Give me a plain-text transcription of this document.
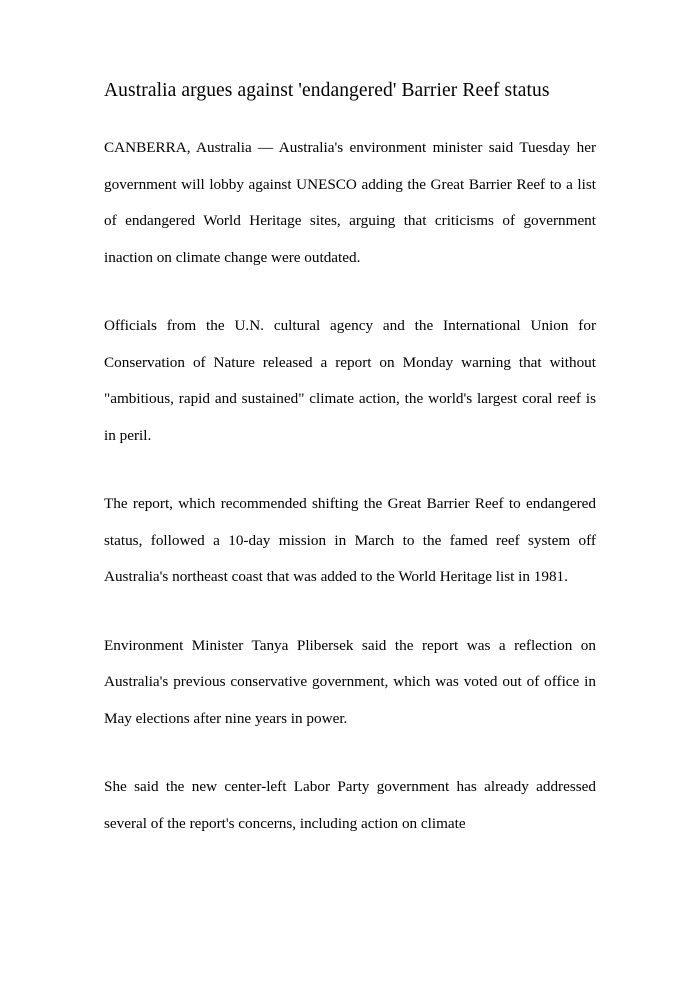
Australia argues against 'endangered' Barrier Reef status

CANBERRA, Australia — Australia's environment minister said Tuesday her government will lobby against UNESCO adding the Great Barrier Reef to a list of endangered World Heritage sites, arguing that criticisms of government inaction on climate change were outdated.

Officials from the U.N. cultural agency and the International Union for Conservation of Nature released a report on Monday warning that without "ambitious, rapid and sustained" climate action, the world's largest coral reef is in peril.

The report, which recommended shifting the Great Barrier Reef to endangered status, followed a 10-day mission in March to the famed reef system off Australia's northeast coast that was added to the World Heritage list in 1981.

Environment Minister Tanya Plibersek said the report was a reflection on Australia's previous conservative government, which was voted out of office in May elections after nine years in power.

She said the new center-left Labor Party government has already addressed several of the report's concerns, including action on climate
